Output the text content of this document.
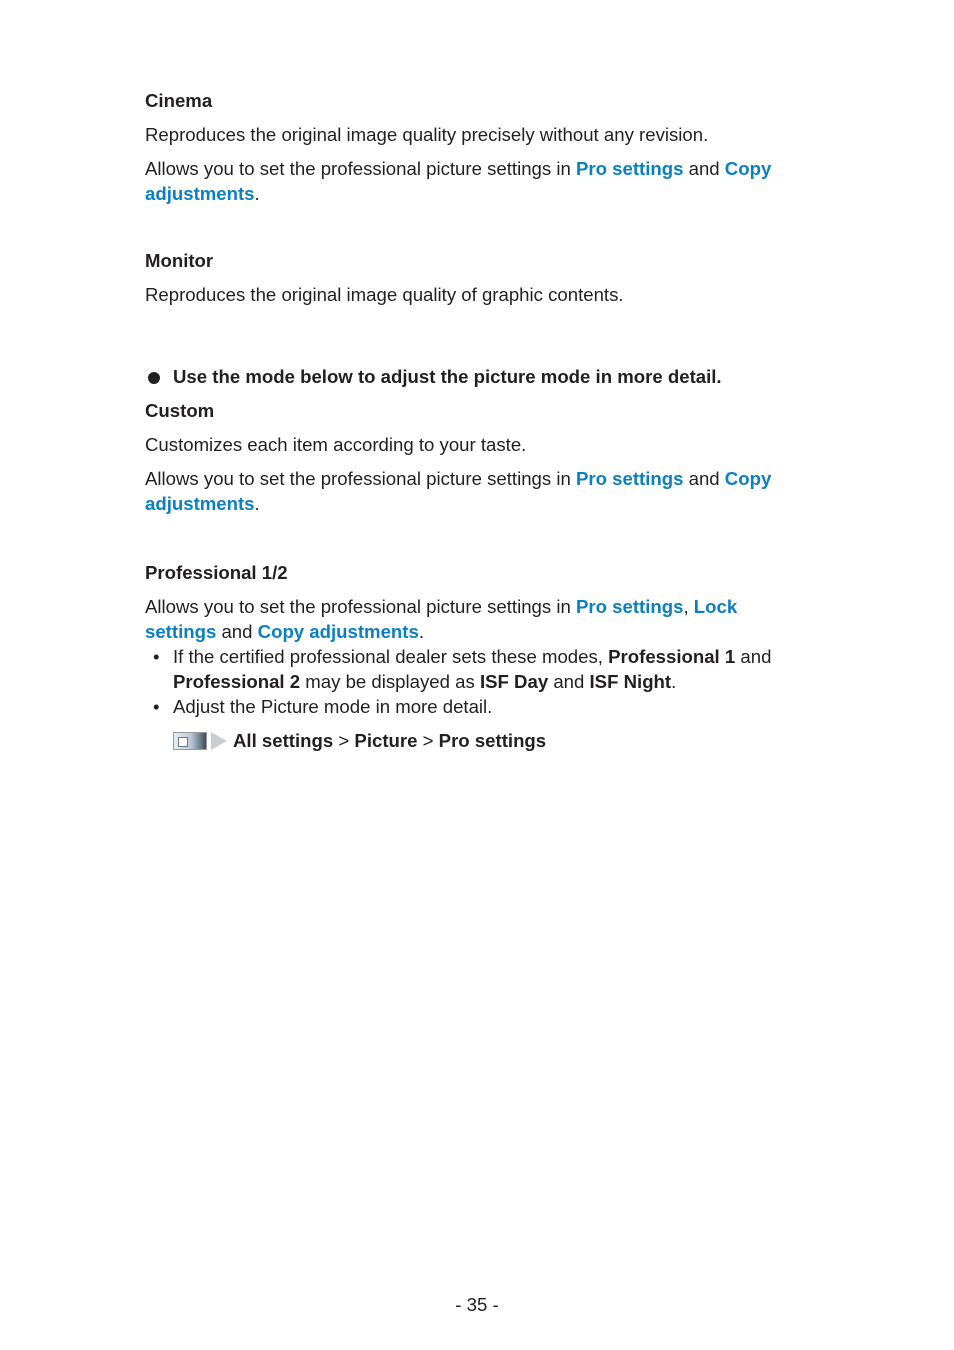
Cinema

Reproduces the original image quality precisely without any revision.

Allows you to set the professional picture settings in Pro settings and Copy
adjustments.

Monitor

Reproduces the original image quality of graphic contents.

Use the mode below to adjust the picture mode in more detail.

Custom

Customizes each item according to your taste.

Allows you to set the professional picture settings in Pro settings and Copy
adjustments.

Professional 1/2

Allows you to set the professional picture settings in Pro settings, Lock
settings and Copy adjustments.

• If the certified professional dealer sets these modes, Professional 1 and
Professional 2 may be displayed as ISF Day and ISF Night.
• Adjust the Picture mode in more detail.
All settings > Picture > Pro settings
- 35 -
